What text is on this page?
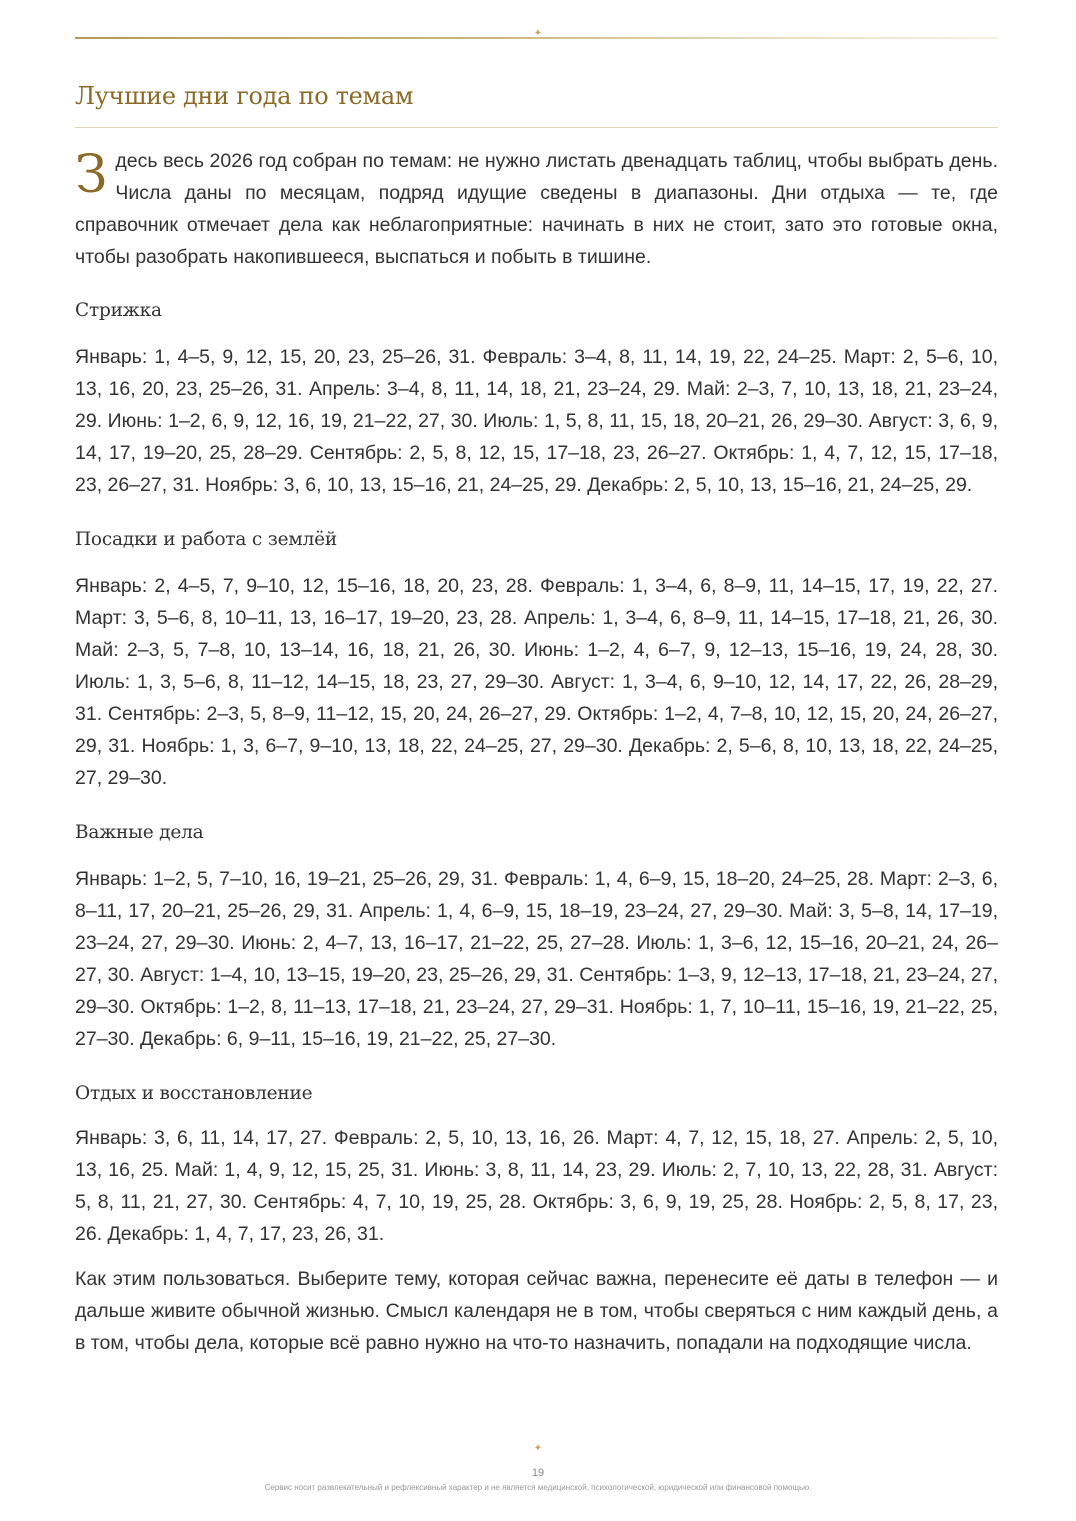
✦
Лучшие дни года по темам

Здесь весь 2026 год собран по темам: не нужно листать двенадцать таблиц, чтобы выбрать день. Числа даны по месяцам, подряд идущие сведены в диапазоны. Дни отдыха — те, где справочник отмечает дела как неблагоприятные: начинать в них не стоит, зато это готовые окна, чтобы разобрать накопившееся, выспаться и побыть в тишине.

Стрижка

Январь: 1, 4–5, 9, 12, 15, 20, 23, 25–26, 31. Февраль: 3–4, 8, 11, 14, 19, 22, 24–25. Март: 2, 5–6, 10, 13, 16, 20, 23, 25–26, 31. Апрель: 3–4, 8, 11, 14, 18, 21, 23–24, 29. Май: 2–3, 7, 10, 13, 18, 21, 23–24, 29. Июнь: 1–2, 6, 9, 12, 16, 19, 21–22, 27, 30. Июль: 1, 5, 8, 11, 15, 18, 20–21, 26, 29–30. Август: 3, 6, 9, 14, 17, 19–20, 25, 28–29. Сентябрь: 2, 5, 8, 12, 15, 17–18, 23, 26–27. Октябрь: 1, 4, 7, 12, 15, 17–18, 23, 26–27, 31. Ноябрь: 3, 6, 10, 13, 15–16, 21, 24–25, 29. Декабрь: 2, 5, 10, 13, 15–16, 21, 24–25, 29.

Посадки и работа с землёй

Январь: 2, 4–5, 7, 9–10, 12, 15–16, 18, 20, 23, 28. Февраль: 1, 3–4, 6, 8–9, 11, 14–15, 17, 19, 22, 27. Март: 3, 5–6, 8, 10–11, 13, 16–17, 19–20, 23, 28. Апрель: 1, 3–4, 6, 8–9, 11, 14–15, 17–18, 21, 26, 30. Май: 2–3, 5, 7–8, 10, 13–14, 16, 18, 21, 26, 30. Июнь: 1–2, 4, 6–7, 9, 12–13, 15–16, 19, 24, 28, 30. Июль: 1, 3, 5–6, 8, 11–12, 14–15, 18, 23, 27, 29–30. Август: 1, 3–4, 6, 9–10, 12, 14, 17, 22, 26, 28–29, 31. Сентябрь: 2–3, 5, 8–9, 11–12, 15, 20, 24, 26–27, 29. Октябрь: 1–2, 4, 7–8, 10, 12, 15, 20, 24, 26–27, 29, 31. Ноябрь: 1, 3, 6–7, 9–10, 13, 18, 22, 24–25, 27, 29–30. Декабрь: 2, 5–6, 8, 10, 13, 18, 22, 24–25, 27, 29–30.

Важные дела

Январь: 1–2, 5, 7–10, 16, 19–21, 25–26, 29, 31. Февраль: 1, 4, 6–9, 15, 18–20, 24–25, 28. Март: 2–3, 6, 8–11, 17, 20–21, 25–26, 29, 31. Апрель: 1, 4, 6–9, 15, 18–19, 23–24, 27, 29–30. Май: 3, 5–8, 14, 17–19, 23–24, 27, 29–30. Июнь: 2, 4–7, 13, 16–17, 21–22, 25, 27–28. Июль: 1, 3–6, 12, 15–16, 20–21, 24, 26–27, 30. Август: 1–4, 10, 13–15, 19–20, 23, 25–26, 29, 31. Сентябрь: 1–3, 9, 12–13, 17–18, 21, 23–24, 27, 29–30. Октябрь: 1–2, 8, 11–13, 17–18, 21, 23–24, 27, 29–31. Ноябрь: 1, 7, 10–11, 15–16, 19, 21–22, 25, 27–30. Декабрь: 6, 9–11, 15–16, 19, 21–22, 25, 27–30.

Отдых и восстановление

Январь: 3, 6, 11, 14, 17, 27. Февраль: 2, 5, 10, 13, 16, 26. Март: 4, 7, 12, 15, 18, 27. Апрель: 2, 5, 10, 13, 16, 25. Май: 1, 4, 9, 12, 15, 25, 31. Июнь: 3, 8, 11, 14, 23, 29. Июль: 2, 7, 10, 13, 22, 28, 31. Август: 5, 8, 11, 21, 27, 30. Сентябрь: 4, 7, 10, 19, 25, 28. Октябрь: 3, 6, 9, 19, 25, 28. Ноябрь: 2, 5, 8, 17, 23, 26. Декабрь: 1, 4, 7, 17, 23, 26, 31.

Как этим пользоваться. Выберите тему, которая сейчас важна, перенесите её даты в телефон — и дальше живите обычной жизнью. Смысл календаря не в том, чтобы сверяться с ним каждый день, а в том, чтобы дела, которые всё равно нужно на что-то назначить, попадали на подходящие числа.

✦
19
Сервис носит развлекательный и рефлексивный характер и не является медицинской, психологической, юридической или финансовой помощью.
